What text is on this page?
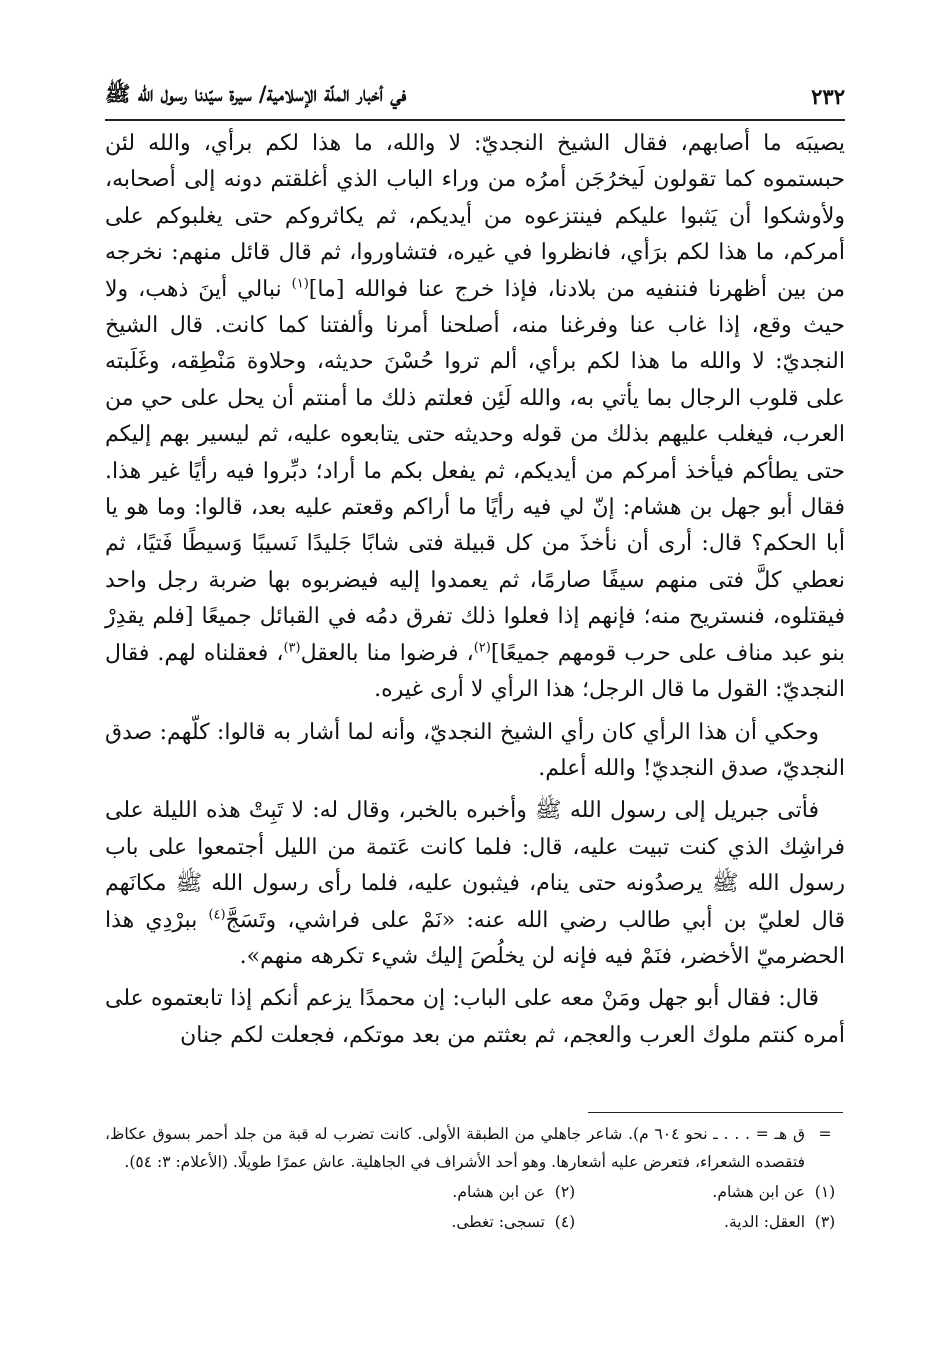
٢٣٢
في أخبار الملّة الإسلامية/ سيرة سيّدنا رسول الله ﷺ

يصيبَه ما أصابهم، فقال الشيخ النجديّ: لا والله، ما هذا لكم برأي، والله لئن حبستموه كما تقولون لَيخرُجَن أمرُه من وراء الباب الذي أغلقتم دونه إلى أصحابه، ولأوشكوا أن يَثبوا عليكم فينتزعوه من أيديكم، ثم يكاثروكم حتى يغلبوكم على أمركم، ما هذا لكم برَأي، فانظروا في غيره، فتشاوروا، ثم قال قائل منهم: نخرجه من بين أظهرنا فننفيه من بلادنا، فإذا خرج عنا فوالله [ما]$^{(١)}$ نبالي أينَ ذهب، ولا حيث وقع، إذا غاب عنا وفرغنا منه، أصلحنا أمرنا وألفتنا كما كانت. قال الشيخ النجديّ: لا والله ما هذا لكم برأي، ألم تروا حُسْنَ حديثه، وحلاوة مَنْطِقه، وغَلَبته على قلوب الرجال بما يأتي به، والله لَئِن فعلتم ذلك ما أمنتم أن يحل على حي من العرب، فيغلب عليهم بذلك من قوله وحديثه حتى يتابعوه عليه، ثم ليسير بهم إليكم حتى يطأكم فيأخذ أمركم من أيديكم، ثم يفعل بكم ما أراد؛ دبِّروا فيه رأيًا غير هذا. فقال أبو جهل بن هشام: إنّ لي فيه رأيًا ما أراكم وقعتم عليه بعد، قالوا: وما هو يا أبا الحكم؟ قال: أرى أن نأخذَ من كل قبيلة فتى شابًا جَليدًا نَسيبًا وَسيطًا فَتيًا، ثم نعطي كلَّ فتى منهم سيفًا صارمًا، ثم يعمدوا إليه فيضربوه بها ضربة رجل واحد فيقتلوه، فنستريح منه؛ فإنهم إذا فعلوا ذلك تفرق دمُه في القبائل جميعًا [فلم يقدِرْ بنو عبد مناف على حرب قومهم جميعًا]$^{(٢)}$، فرضوا منا بالعقل$^{(٣)}$، فعقلناه لهم. فقال النجديّ: القول ما قال الرجل؛ هذا الرأي لا أرى غيره.

وحكي أن هذا الرأي كان رأي الشيخ النجديّ، وأنه لما أشار به قالوا: كلّهم: صدق النجديّ، صدق النجديّ! والله أعلم.

فأتى جبريل إلى رسول الله ﷺ وأخبره بالخبر، وقال له: لا تَبِتْ هذه الليلة على فراشِك الذي كنت تبيت عليه، قال: فلما كانت عَتمة من الليل أجتمعوا على باب رسول الله ﷺ يرصدُونه حتى ينام، فيثبون عليه، فلما رأى رسول الله ﷺ مكانَهم قال لعليّ بن أبي طالب رضي الله عنه: «نَمْ على فراشي، وتَسَجَّ$^{(٤)}$ ببرْدِي هذا الحضرميّ الأخضر، فنَمْ فيه فإنه لن يخلُصَ إليك شيء تكرهه منهم».

قال: فقال أبو جهل ومَنْ معه على الباب: إن محمدًا يزعم أنكم إذا تابعتموه على أمره كنتم ملوك العرب والعجم، ثم بعثتم من بعد موتكم، فجعلت لكم جنان

=
ق هـ = . . . ـ نحو ٦٠٤ م). شاعر جاهلي من الطبقة الأولى. كانت تضرب له قبة من جلد أحمر بسوق عكاظ، فتقصده الشعراء، فتعرض عليه أشعارها. وهو أحد الأشراف في الجاهلية. عاش عمرًا طويلًا. (الأعلام: ٣: ٥٤).
(١)
عن ابن هشام.
(٢)
عن ابن هشام.
(٣)
العقل: الدية.
(٤)
تسجى: تغطى.
